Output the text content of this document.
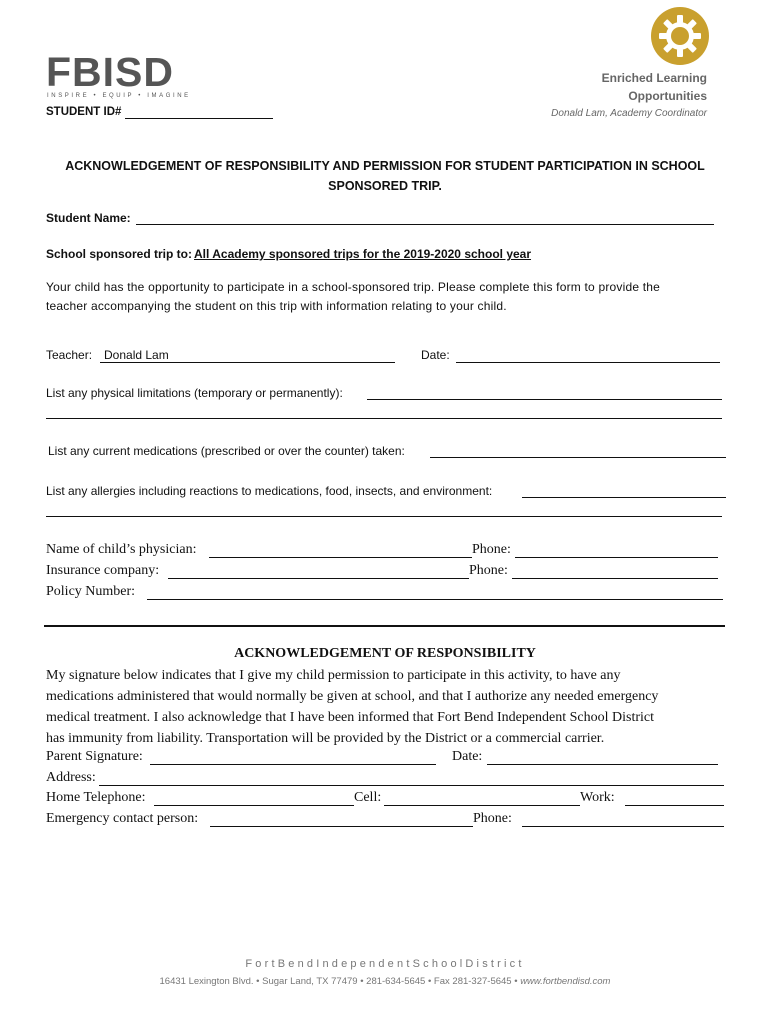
FBISD
INSPIRE • EQUIP • IMAGINE
STUDENT ID#
Enriched Learning
Opportunities
Donald Lam, Academy Coordinator
ACKNOWLEDGEMENT OF RESPONSIBILITY AND PERMISSION FOR STUDENT PARTICIPATION IN SCHOOL
SPONSORED TRIP.
Student Name:
School sponsored trip to: All Academy sponsored trips for the 2019-2020 school year
Your child has the opportunity to participate in a school-sponsored trip. Please complete this form to provide the
teacher accompanying the student on this trip with information relating to your child.
Teacher: Donald Lam	Date:
List any physical limitations (temporary or permanently):
List any current medications (prescribed or over the counter) taken:
List any allergies including reactions to medications, food, insects, and environment:
Name of child’s physician:	Phone:
Insurance company:	Phone:
Policy Number:
ACKNOWLEDGEMENT OF RESPONSIBILITY
My signature below indicates that I give my child permission to participate in this activity, to have any
medications administered that would normally be given at school, and that I authorize any needed emergency
medical treatment. I also acknowledge that I have been informed that Fort Bend Independent School District
has immunity from liability. Transportation will be provided by the District or a commercial carrier.
Parent Signature:	Date:
Address:
Home Telephone:	Cell:	Work:
Emergency contact person:	Phone:
FortBendIndependentSchoolDistrict
16431 Lexington Blvd. • Sugar Land, TX 77479 • 281-634-5645 • Fax 281-327-5645 • www.fortbendisd.com
